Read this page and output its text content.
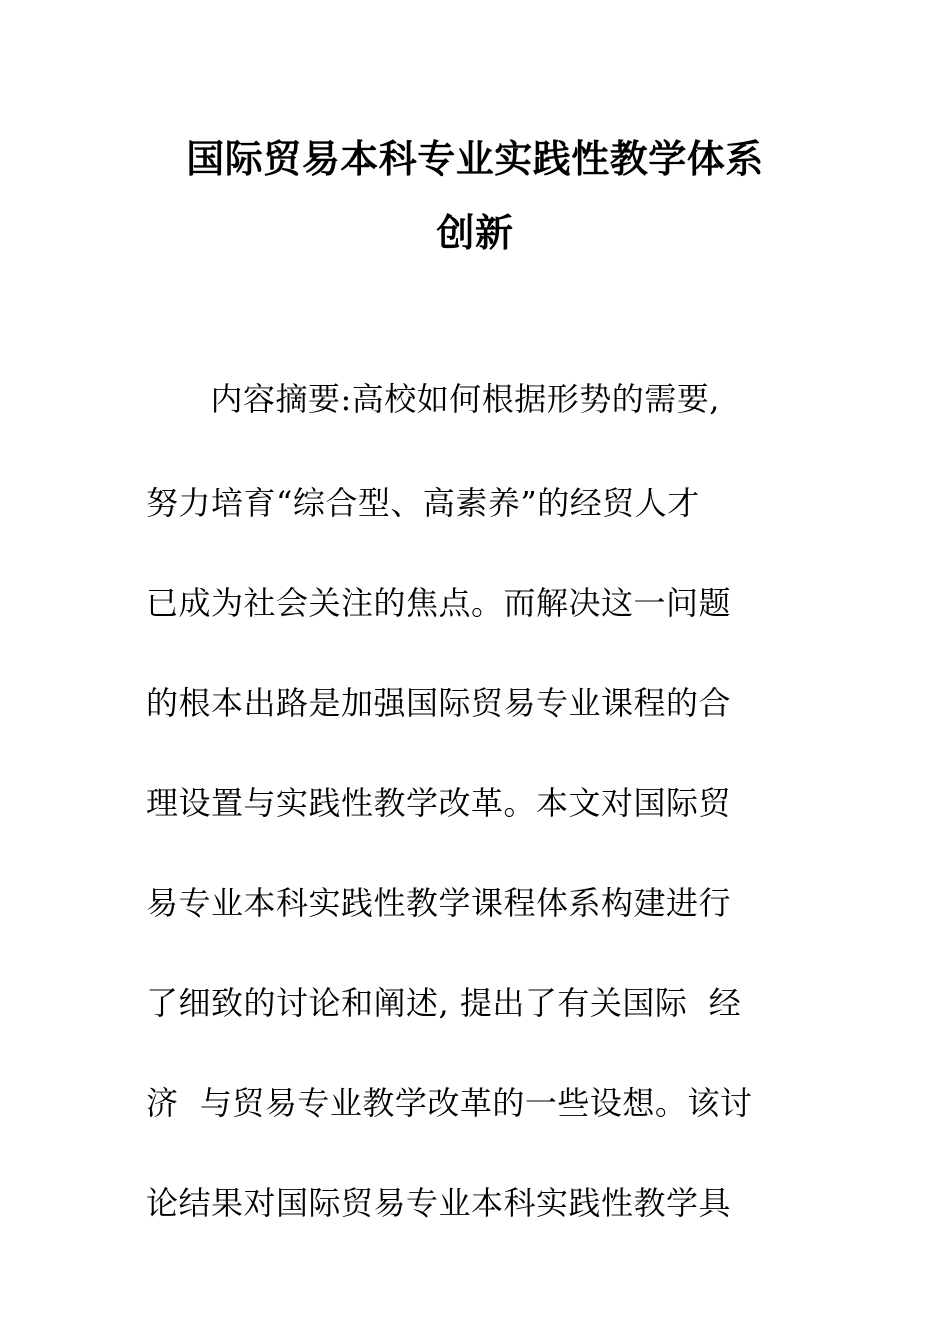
国际贸易本科专业实践性教学体系
创新
　内容摘要:高校如何根据形势的需要,
努力培育“综合型、高素养”的经贸人才
已成为社会关注的焦点。而解决这一问题
的根本出路是加强国际贸易专业课程的合
理设置与实践性教学改革。本文对国际贸
易专业本科实践性教学课程体系构建进行
了细致的讨论和阐述, 提出了有关国际  经
济  与贸易专业教学改革的一些设想。该讨
论结果对国际贸易专业本科实践性教学具
